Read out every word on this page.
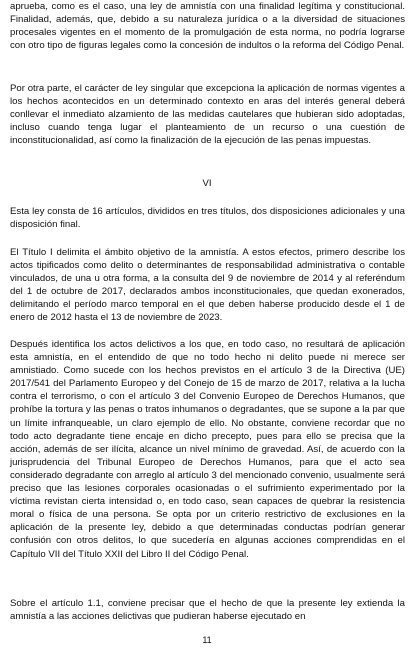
aprueba, como es el caso, una ley de amnistía con una finalidad legítima y constitucional. Finalidad, además, que, debido a su naturaleza jurídica o a la diversidad de situaciones procesales vigentes en el momento de la promulgación de esta norma, no podría lograrse con otro tipo de figuras legales como la concesión de indultos o la reforma del Código Penal.

Por otra parte, el carácter de ley singular que excepciona la aplicación de normas vigentes a los hechos acontecidos en un determinado contexto en aras del interés general deberá conllevar el inmediato alzamiento de las medidas cautelares que hubieran sido adoptadas, incluso cuando tenga lugar el planteamiento de un recurso o una cuestión de inconstitucionalidad, así como la finalización de la ejecución de las penas impuestas.

VI

Esta ley consta de 16 artículos, divididos en tres títulos, dos disposiciones adicionales y una disposición final.

El Título I delimita el ámbito objetivo de la amnistía. A estos efectos, primero describe los actos tipificados como delito o determinantes de responsabilidad administrativa o contable vinculados, de una u otra forma, a la consulta del 9 de noviembre de 2014 y al referéndum del 1 de octubre de 2017, declarados ambos inconstitucionales, que quedan exonerados, delimitando el período marco temporal en el que deben haberse producido desde el 1 de enero de 2012 hasta el 13 de noviembre de 2023.

Después identifica los actos delictivos a los que, en todo caso, no resultará de aplicación esta amnistía, en el entendido de que no todo hecho ni delito puede ni merece ser amnistiado. Como sucede con los hechos previstos en el artículo 3 de la Directiva (UE) 2017/541 del Parlamento Europeo y del Conejo de 15 de marzo de 2017, relativa a la lucha contra el terrorismo, o con el artículo 3 del Convenio Europeo de Derechos Humanos, que prohíbe la tortura y las penas o tratos inhumanos o degradantes, que se supone a la par que un límite infranqueable, un claro ejemplo de ello. No obstante, conviene recordar que no todo acto degradante tiene encaje en dicho precepto, pues para ello se precisa que la acción, además de ser ilícita, alcance un nivel mínimo de gravedad. Así, de acuerdo con la jurisprudencia del Tribunal Europeo de Derechos Humanos, para que el acto sea considerado degradante con arreglo al artículo 3 del mencionado convenio, usualmente será preciso que las lesiones corporales ocasionadas o el sufrimiento experimentado por la víctima revistan cierta intensidad o, en todo caso, sean capaces de quebrar la resistencia moral o física de una persona. Se opta por un criterio restrictivo de exclusiones en la aplicación de la presente ley, debido a que determinadas conductas podrían generar confusión con otros delitos, lo que sucedería en algunas acciones comprendidas en el Capítulo VII del Título XXII del Libro II del Código Penal.

Sobre el artículo 1.1, conviene precisar que el hecho de que la presente ley extienda la amnistía a las acciones delictivas que pudieran haberse ejecutado en

11
